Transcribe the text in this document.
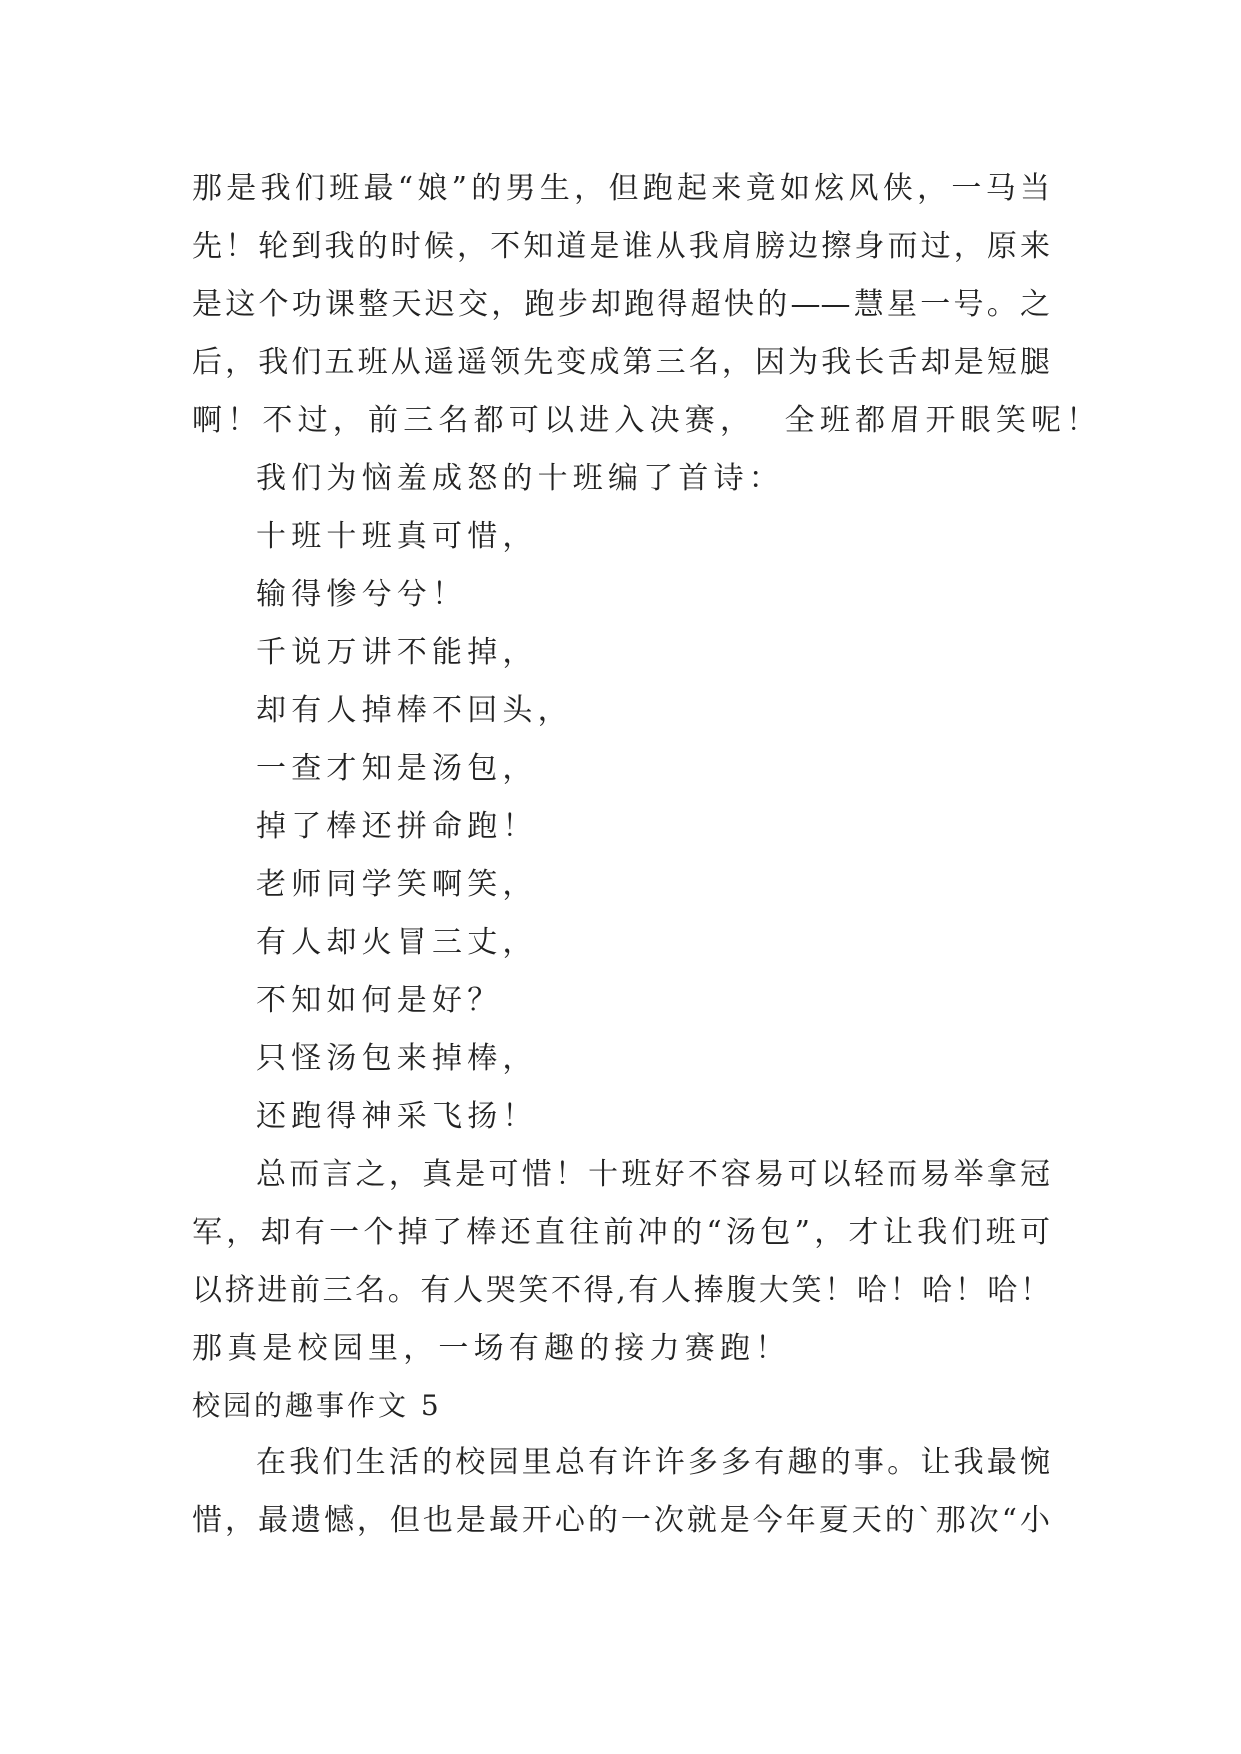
那是我们班最“娘”的男生，但跑起来竟如炫风侠，一马当
先！轮到我的时候，不知道是谁从我肩膀边擦身而过，原来
是这个功课整天迟交，跑步却跑得超快的——慧星一号。之
后，我们五班从遥遥领先变成第三名，因为我长舌却是短腿
啊！不过，前三名都可以进入决赛，  全班都眉开眼笑呢！
我们为恼羞成怒的十班编了首诗：
十班十班真可惜，
输得惨兮兮！
千说万讲不能掉，
却有人掉棒不回头，
一查才知是汤包，
掉了棒还拼命跑！
老师同学笑啊笑，
有人却火冒三丈，
不知如何是好？
只怪汤包来掉棒，
还跑得神采飞扬！
总而言之，真是可惜！十班好不容易可以轻而易举拿冠
军，却有一个掉了棒还直往前冲的“汤包”，才让我们班可
以挤进前三名。有人哭笑不得,有人捧腹大笑！哈！哈！哈！
那真是校园里，一场有趣的接力赛跑！
校园的趣事作文 5
在我们生活的校园里总有许许多多有趣的事。让我最惋
惜，最遗憾，但也是最开心的一次就是今年夏天的`那次“小
